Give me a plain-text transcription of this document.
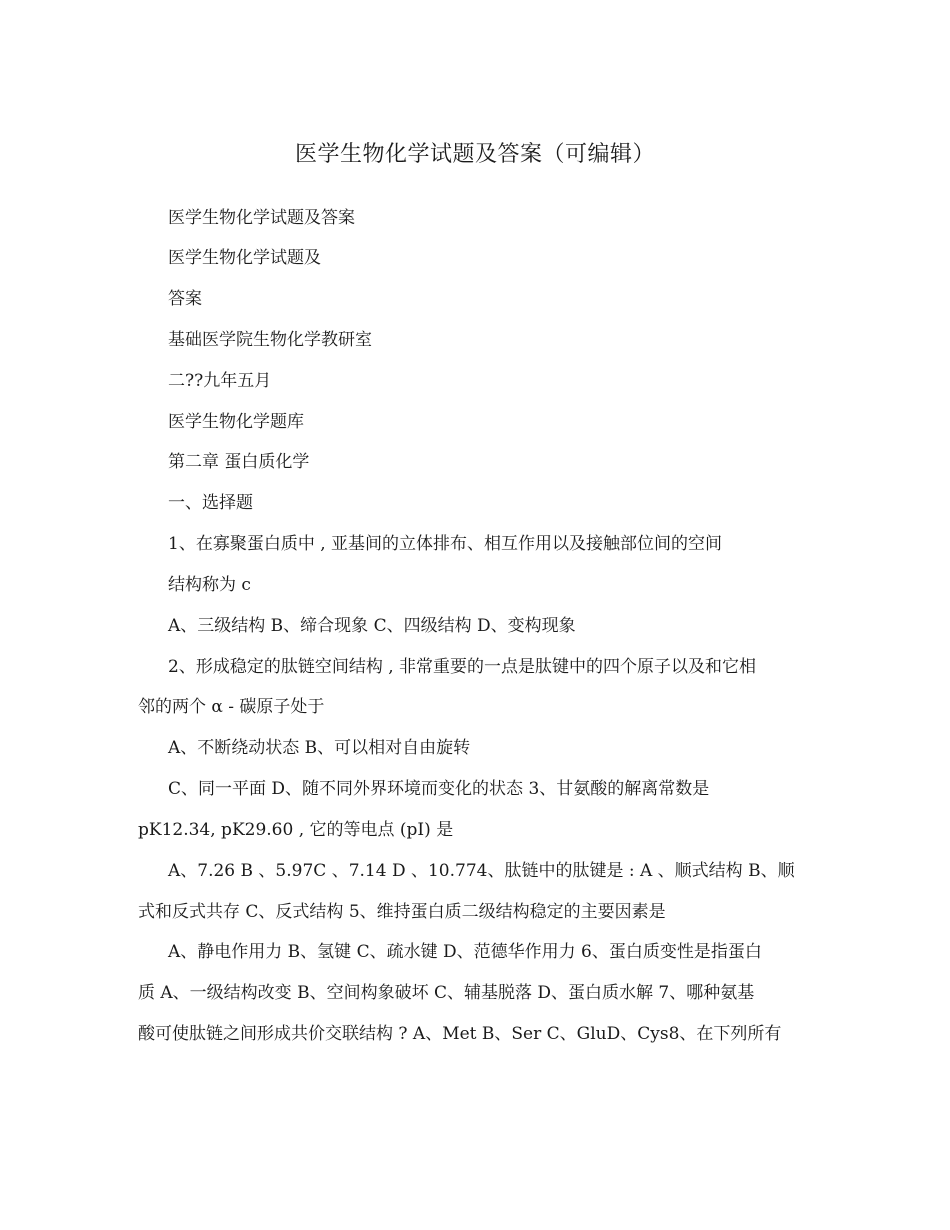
医学生物化学试题及答案（可编辑）
医学生物化学试题及答案
医学生物化学试题及
答案
基础医学院生物化学教研室
二??九年五月
医学生物化学题库
第二章 蛋白质化学
一、选择题
1、在寡聚蛋白质中 , 亚基间的立体排布、相互作用以及接触部位间的空间
结构称为 c
A、三级结构 B、缔合现象 C、四级结构 D、变构现象
2、形成稳定的肽链空间结构 , 非常重要的一点是肽键中的四个原子以及和它相
邻的两个 α - 碳原子处于
A、不断绕动状态 B、可以相对自由旋转
C、同一平面 D、随不同外界环境而变化的状态 3、甘氨酸的解离常数是
pK12.34, pK29.60 , 它的等电点 (pI) 是
A、7.26 B 、5.97C 、7.14 D 、10.774、肽链中的肽键是 : A 、顺式结构 B、顺
式和反式共存 C、反式结构 5、维持蛋白质二级结构稳定的主要因素是
A、静电作用力 B、氢键 C、疏水键 D、范德华作用力 6、蛋白质变性是指蛋白
质 A、一级结构改变 B、空间构象破坏 C、辅基脱落 D、蛋白质水解 7、哪种氨基
酸可使肽链之间形成共价交联结构 ? A、Met B、Ser C、GluD、Cys8、在下列所有
